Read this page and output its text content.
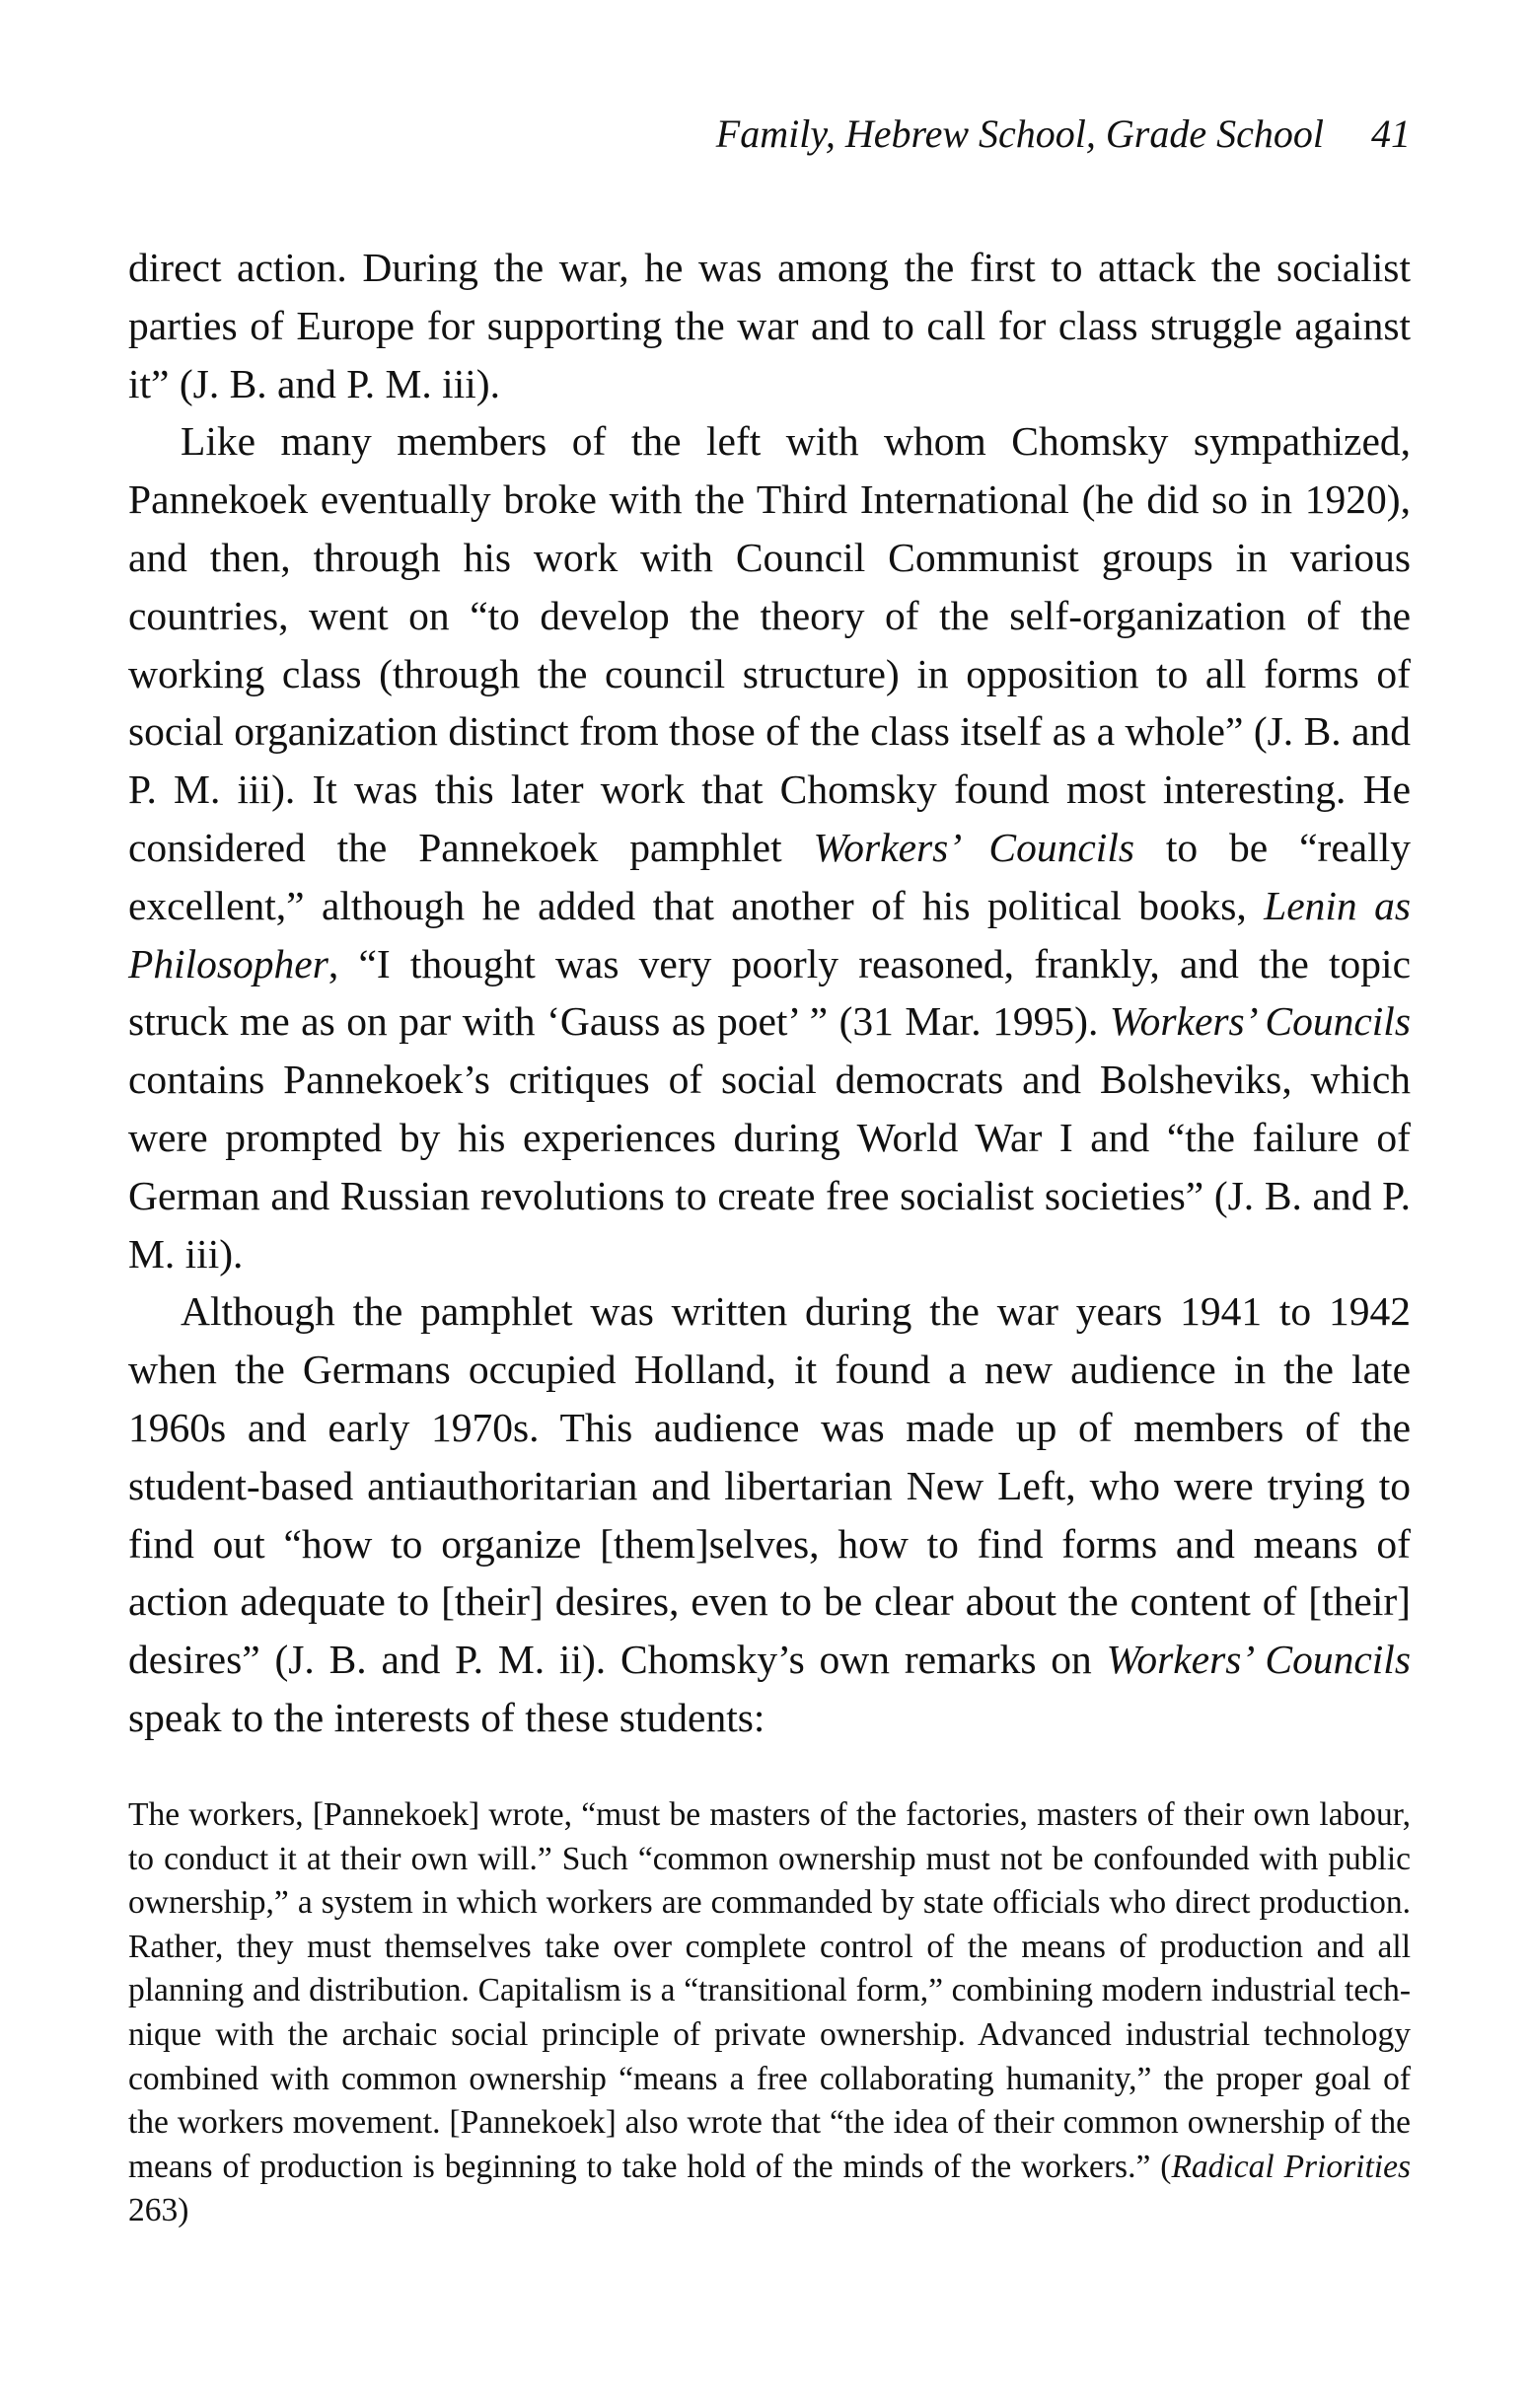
Family, Hebrew School, Grade School 41

direct action. During the war, he was among the first to attack the socialist parties of Europe for supporting the war and to call for class struggle against it” (J. B. and P. M. iii).

Like many members of the left with whom Chomsky sympathized, Pannekoek eventually broke with the Third International (he did so in 1920), and then, through his work with Council Communist groups in various countries, went on “to develop the theory of the self-organization of the working class (through the council structure) in opposition to all forms of social organization distinct from those of the class itself as a whole” (J. B. and P. M. iii). It was this later work that Chomsky found most interesting. He considered the Pannekoek pamphlet Workers’ Councils to be “really excellent,” although he added that another of his political books, Lenin as Philosopher, “I thought was very poorly reasoned, frankly, and the topic struck me as on par with ‘Gauss as poet’ ” (31 Mar. 1995). Workers’ Councils contains Pannekoek’s critiques of social democrats and Bolsheviks, which were prompted by his experiences during World War I and “the failure of German and Russian revolutions to create free socialist societies” (J. B. and P. M. iii).

Although the pamphlet was written during the war years 1941 to 1942 when the Germans occupied Holland, it found a new audience in the late 1960s and early 1970s. This audience was made up of members of the student-based antiauthoritarian and libertarian New Left, who were trying to find out “how to organize [them]selves, how to find forms and means of action adequate to [their] desires, even to be clear about the content of [their] desires” (J. B. and P. M. ii). Chomsky’s own remarks on Workers’ Councils speak to the interests of these students:

The workers, [Pannekoek] wrote, “must be masters of the factories, masters of their own labour, to conduct it at their own will.” Such “common ownership must not be confounded with public ownership,” a system in which workers are commanded by state officials who direct production. Rather, they must themselves take over complete control of the means of production and all planning and distribution. Capitalism is a “transitional form,” combining modern industrial technique with the archaic social principle of private ownership. Advanced industrial technology combined with common ownership “means a free collaborating humanity,” the proper goal of the workers movement. [Pannekoek] also wrote that “the idea of their common ownership of the means of production is beginning to take hold of the minds of the workers.” (Radical Priorities 263)
